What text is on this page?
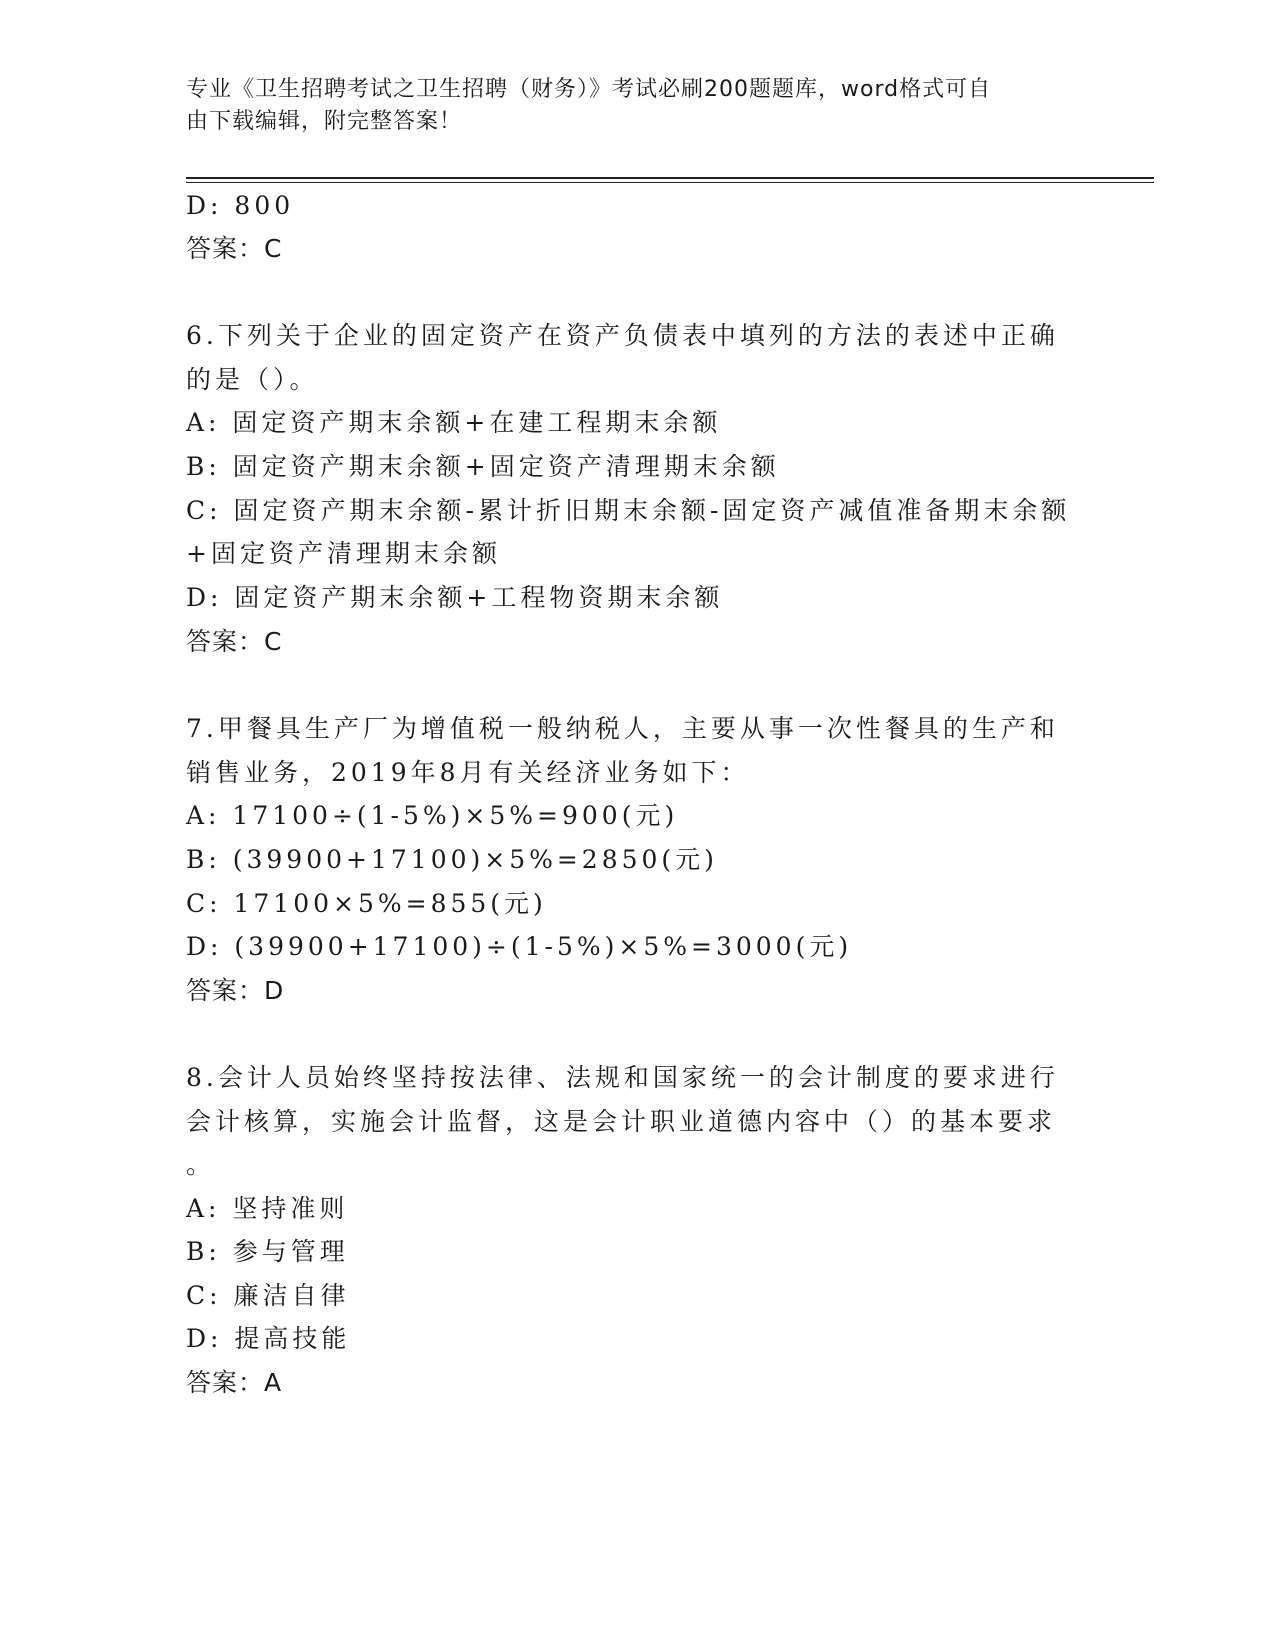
专业《卫生招聘考试之卫生招聘（财务）》考试必刷200题题库，word格式可自
由下载编辑，附完整答案！
D: 800
答案：C
6.下列关于企业的固定资产在资产负债表中填列的方法的表述中正确
的是（）。
A: 固定资产期末余额+在建工程期末余额
B: 固定资产期末余额+固定资产清理期末余额
C: 固定资产期末余额-累计折旧期末余额-固定资产减值准备期末余额
+固定资产清理期末余额
D: 固定资产期末余额+工程物资期末余额
答案：C
7.甲餐具生产厂为增值税一般纳税人，主要从事一次性餐具的生产和
销售业务，2019年8月有关经济业务如下：
A: 17100÷(1-5%)×5%=900(元)
B: (39900+17100)×5%=2850(元)
C: 17100×5%=855(元)
D: (39900+17100)÷(1-5%)×5%=3000(元)
答案：D
8.会计人员始终坚持按法律、法规和国家统一的会计制度的要求进行
会计核算，实施会计监督，这是会计职业道德内容中（）的基本要求
。
A: 坚持准则
B: 参与管理
C: 廉洁自律
D: 提高技能
答案：A
